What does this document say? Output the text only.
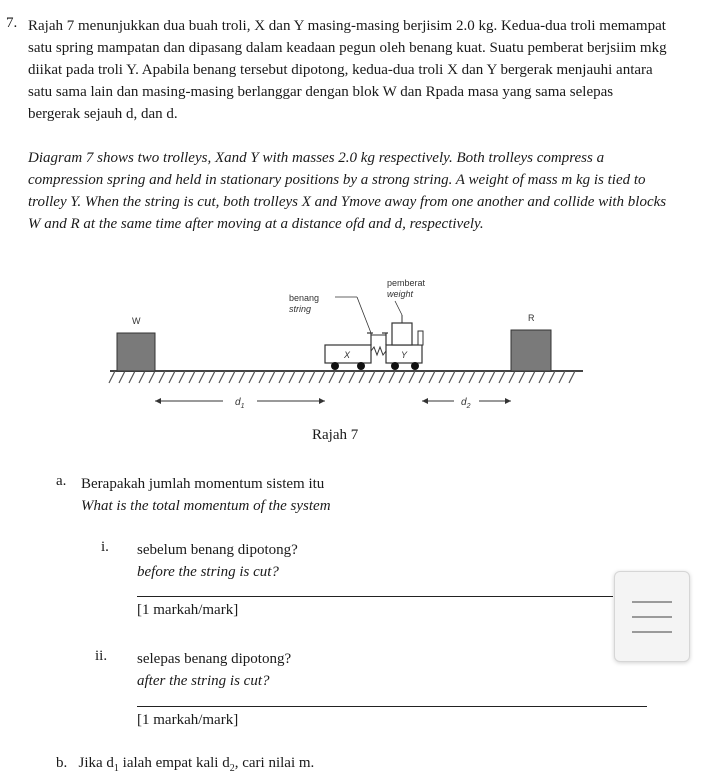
7. Rajah 7 menunjukkan dua buah troli, X dan Y masing-masing berjisim 2.0 kg. Kedua-dua troli memampat satu spring mampatan dan dipasang dalam keadaan pegun oleh benang kuat. Suatu pemberat berjsiim mkg diikat pada troli Y. Apabila benang tersebut dipotong, kedua-dua troli X dan Y bergerak menjauhi antara satu sama lain dan masing-masing berlanggar dengan blok W dan Rpada masa yang sama selepas bergerak sejauh d, dan d.

Diagram 7 shows two trolleys, Xand Y with masses 2.0 kg respectively. Both trolleys compress a compression spring and held in stationary positions by a strong string. A weight of mass m kg is tied to trolley Y. When the string is cut, both trolleys X and Ymove away from one another and collide with blocks W and R at the same time after moving at a distance ofd and d, respectively.

W	R
X	Y
benang
string
pemberat
weight
$d_1$	$d_2$
Rajah 7
a. Berapakah jumlah momentum sistem itu
What is the total momentum of the system
i. sebelum benang dipotong?
before the string is cut?
[1 markah/mark]
ii. selepas benang dipotong?
after the string is cut?
[1 markah/mark]
b. Jika $d_1$ ialah empat kali $d_2$, cari nilai m.
